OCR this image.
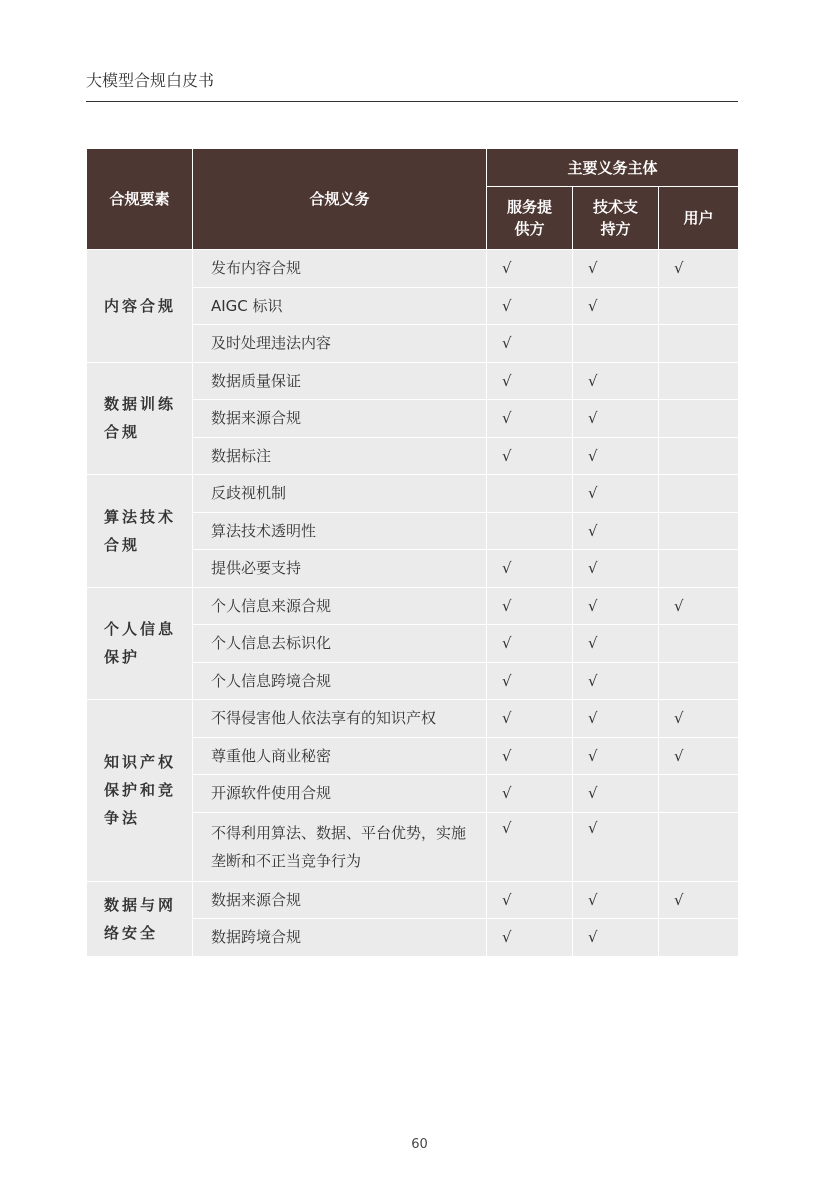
大模型合规白皮书
合规要素	合规义务	主要义务主体		
		服务提供方	技术支持方	用户
内容合规	发布内容合规	√	√	√
	AIGC 标识	√	√	
	及时处理违法内容	√		
数据训练合规	数据质量保证	√	√	
	数据来源合规	√	√	
	数据标注	√	√	
算法技术合规	反歧视机制		√	
	算法技术透明性		√	
	提供必要支持	√	√	
个人信息保护	个人信息来源合规	√	√	√
	个人信息去标识化	√	√	
	个人信息跨境合规	√	√	
知识产权保护和竞争法	不得侵害他人依法享有的知识产权	√	√	√
	尊重他人商业秘密	√	√	√
	开源软件使用合规	√	√	
	不得利用算法、数据、平台优势，实施垄断和不正当竞争行为	√	√	
数据与网络安全	数据来源合规	√	√	√
	数据跨境合规	√	√	
60
